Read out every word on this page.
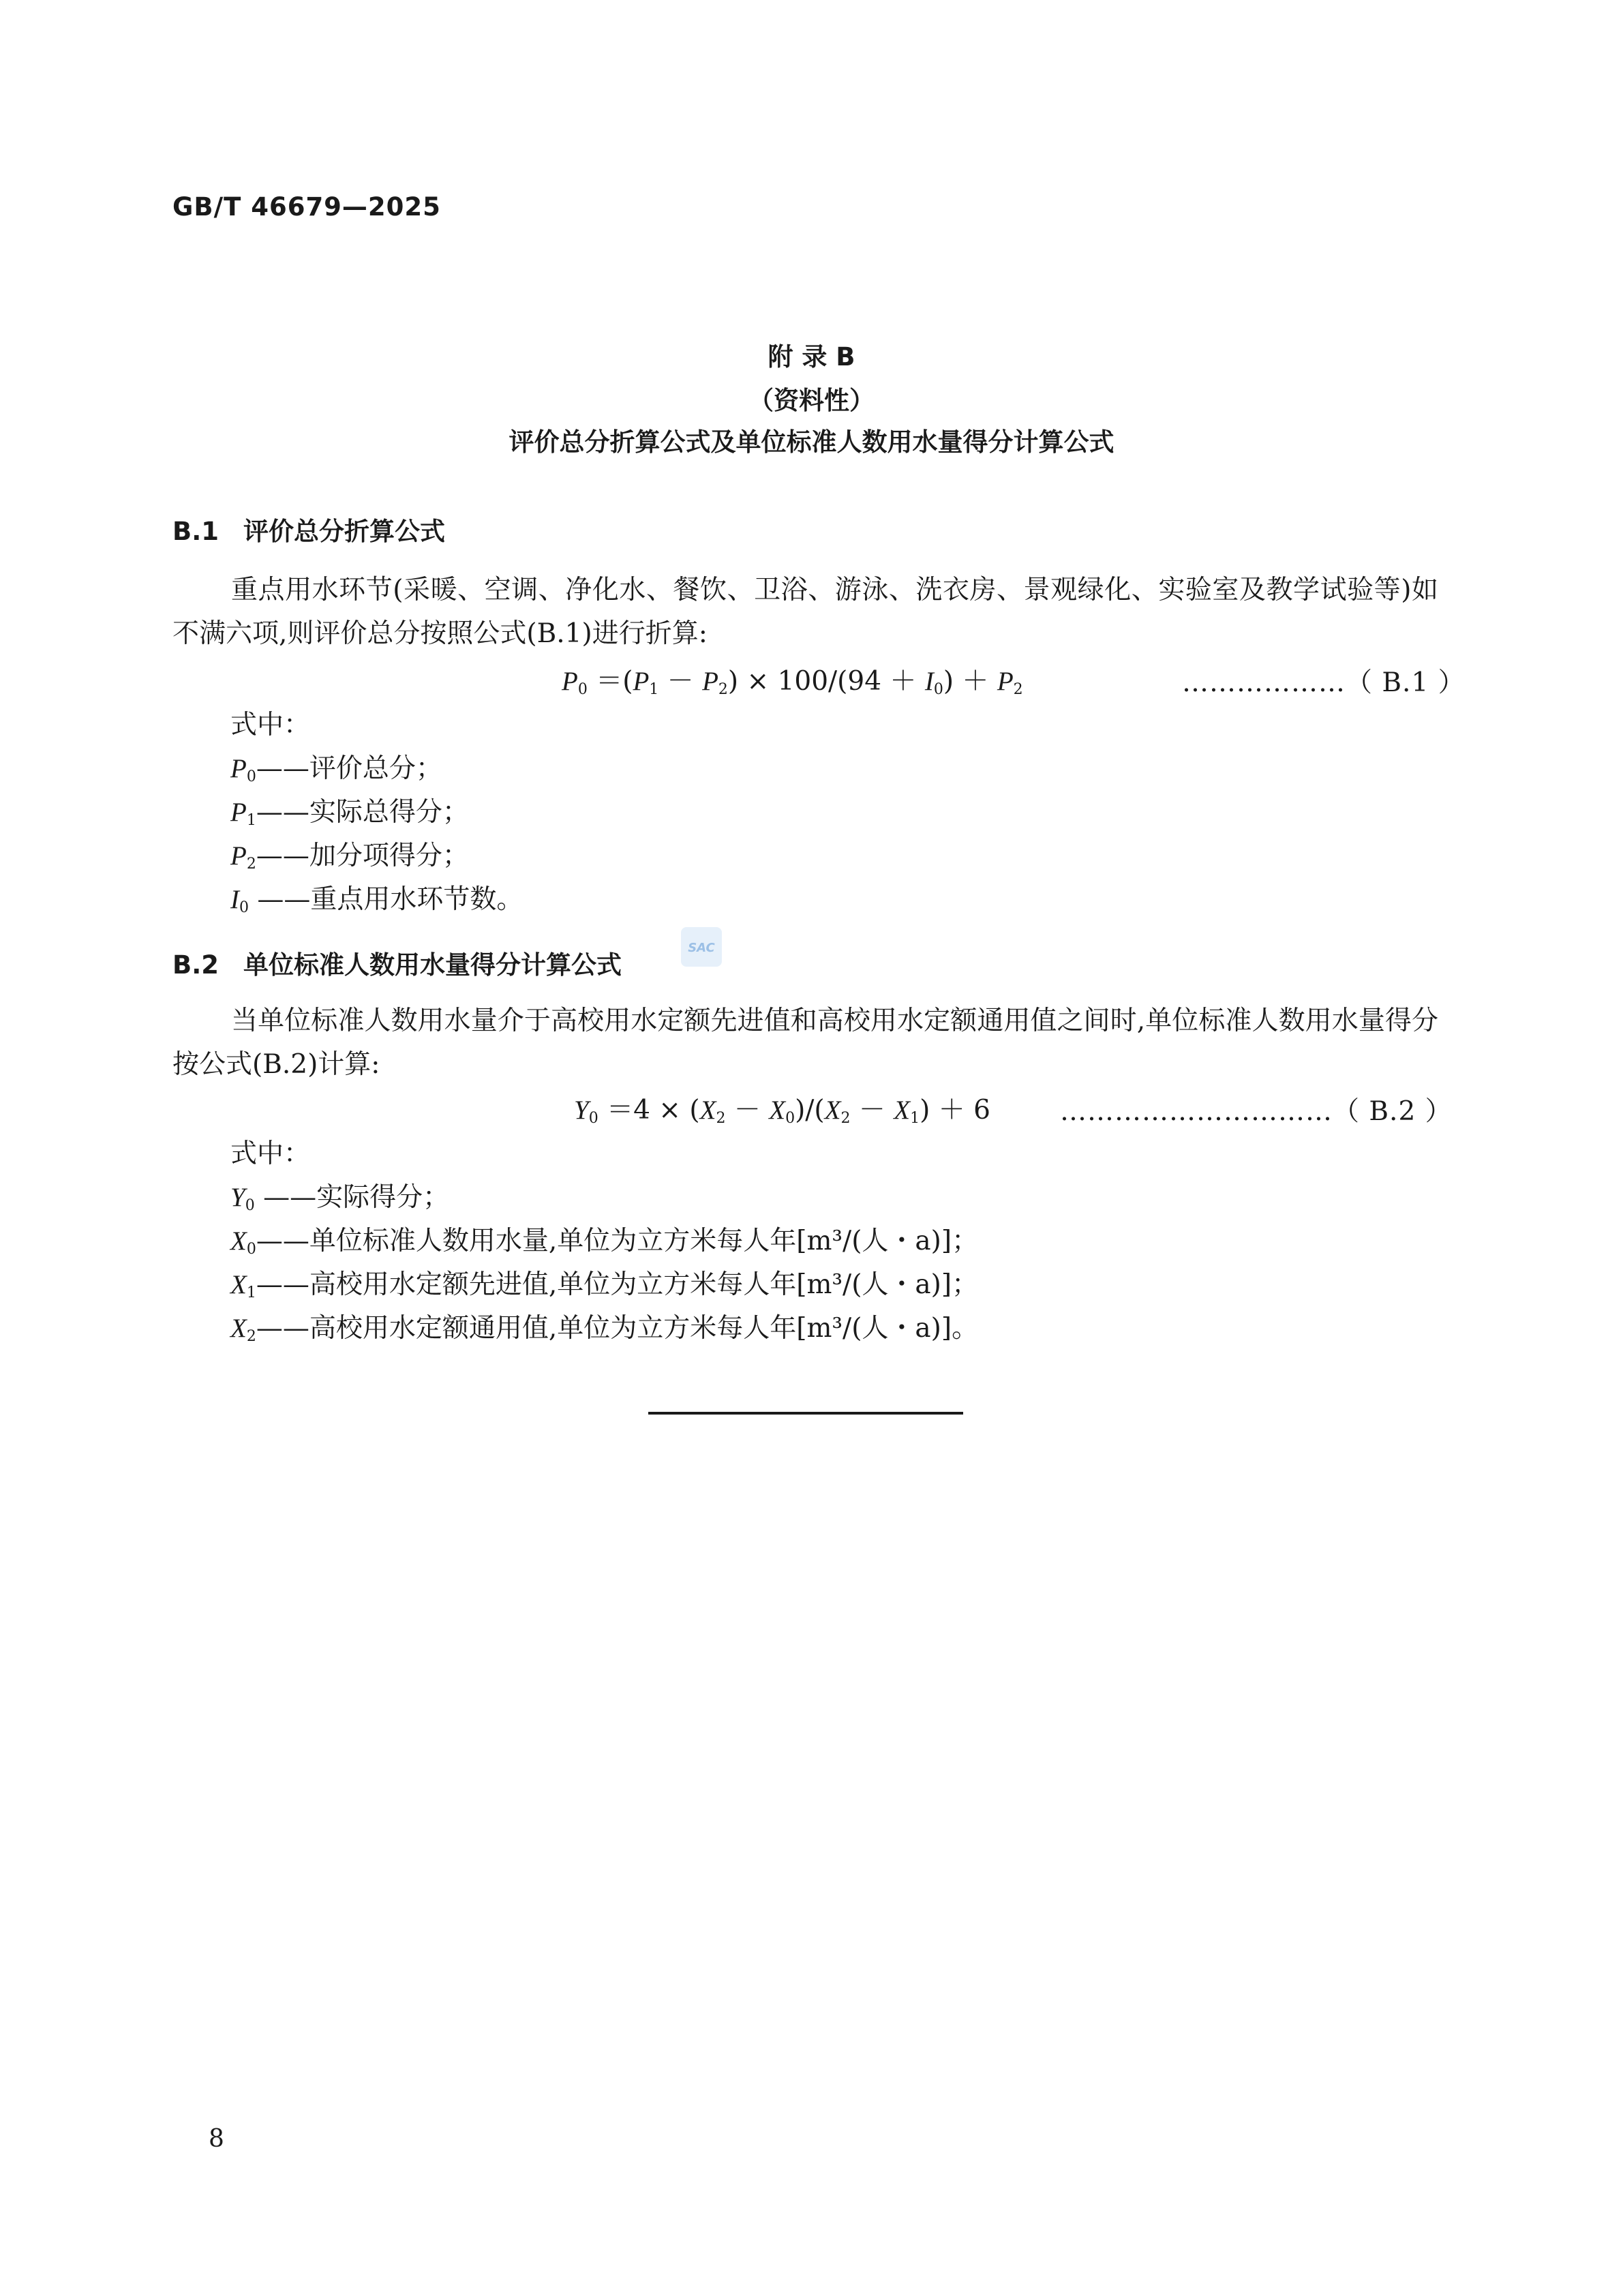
GB/T 46679—2025
附 录 B
（资料性）
评价总分折算公式及单位标准人数用水量得分计算公式
B.1 评价总分折算公式
重点用水环节(采暖、空调、净化水、餐饮、卫浴、游泳、洗衣房、景观绿化、实验室及教学试验等)如不满六项,则评价总分按照公式(B.1)进行折算:
$P_0 =(P_1 - P_2) \times 100/(94 + I_0) + P_2$	………………（ B.1 ）
式中：
$P_0——$评价总分；
$P_1——$实际总得分；
$P_2——$加分项得分；
$I_0$ ——重点用水环节数。
B.2 单位标准人数用水量得分计算公式
SAC
当单位标准人数用水量介于高校用水定额先进值和高校用水定额通用值之间时,单位标准人数用水量得分按公式(B.2)计算:
$Y_0 =4 \times (X_2 - X_0)/(X_2 - X_1) + 6$	…………………………（ B.2 ）
式中：
$Y_0$ ——实际得分；
$X_0——$单位标准人数用水量,单位为立方米每人年[m³/(人・a)]；
$X_1——$高校用水定额先进值,单位为立方米每人年[m³/(人・a)]；
$X_2——$高校用水定额通用值,单位为立方米每人年[m³/(人・a)]。
8
